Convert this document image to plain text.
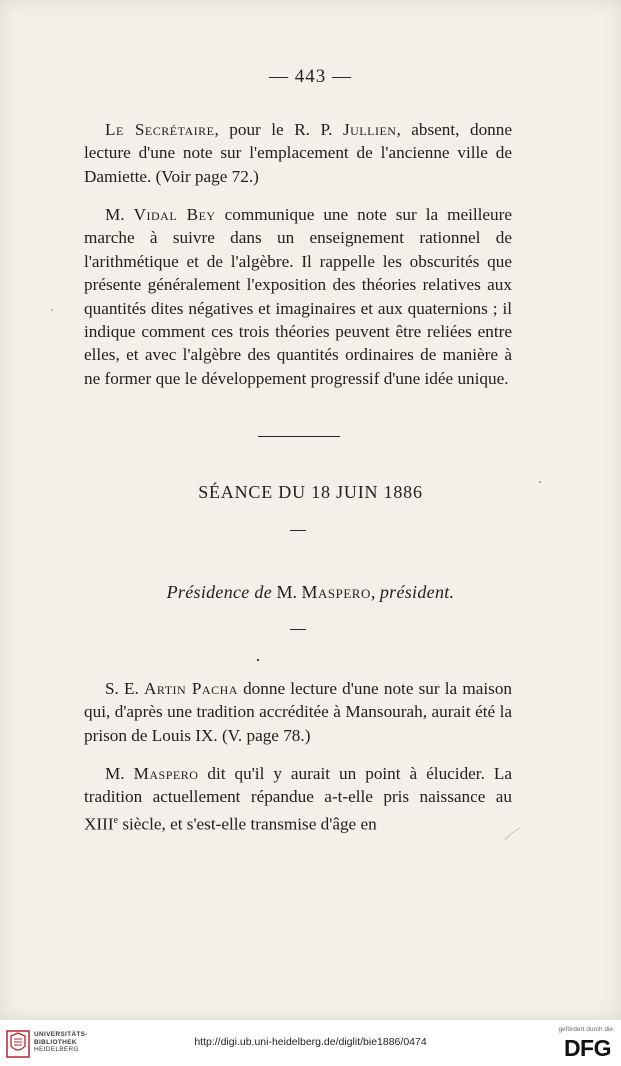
— 443 —

Le Secrétaire, pour le R. P. Jullien, absent, donne lecture d'une note sur l'emplacement de l'ancienne ville de Damiette. (Voir page 72.)

M. Vidal Bey communique une note sur la meilleure marche à suivre dans un enseignement rationnel de l'arithmétique et de l'algèbre. Il rappelle les obscurités que présente généralement l'exposition des théories relatives aux quantités dites négatives et imaginaires et aux quaternions ; il indique comment ces trois théories peuvent être reliées entre elles, et avec l'algèbre des quantités ordinaires de manière à ne former que le développement progressif d'une idée unique.

SÉANCE DU 18 JUIN 1886
Présidence de M. Maspero, président.

S. E. Artin Pacha donne lecture d'une note sur la maison qui, d'après une tradition accréditée à Mansourah, aurait été la prison de Louis IX. (V. page 78.)

M. Maspero dit qu'il y aurait un point à élucider. La tradition actuellement répandue a-t-elle pris naissance au XIIIe siècle, et s'est-elle transmise d'âge en

UNIVERSITÄTS-
BIBLIOTHEK
HEIDELBERG
http://digi.ub.uni-heidelberg.de/diglit/bie1886/0474
gefördert durch die
DFG
